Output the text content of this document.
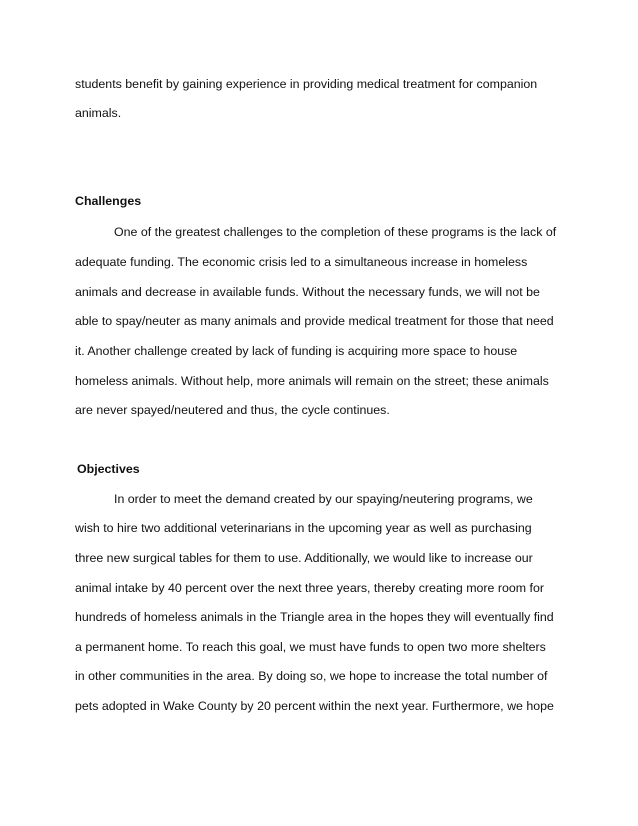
students benefit by gaining experience in providing medical treatment for companion
animals.
Challenges
One of the greatest challenges to the completion of these programs is the lack of
adequate funding. The economic crisis led to a simultaneous increase in homeless
animals and decrease in available funds. Without the necessary funds, we will not be
able to spay/neuter as many animals and provide medical treatment for those that need
it. Another challenge created by lack of funding is acquiring more space to house
homeless animals. Without help, more animals will remain on the street; these animals
are never spayed/neutered and thus, the cycle continues.
Objectives
In order to meet the demand created by our spaying/neutering programs, we
wish to hire two additional veterinarians in the upcoming year as well as purchasing
three new surgical tables for them to use. Additionally, we would like to increase our
animal intake by 40 percent over the next three years, thereby creating more room for
hundreds of homeless animals in the Triangle area in the hopes they will eventually find
a permanent home. To reach this goal, we must have funds to open two more shelters
in other communities in the area. By doing so, we hope to increase the total number of
pets adopted in Wake County by 20 percent within the next year. Furthermore, we hope
